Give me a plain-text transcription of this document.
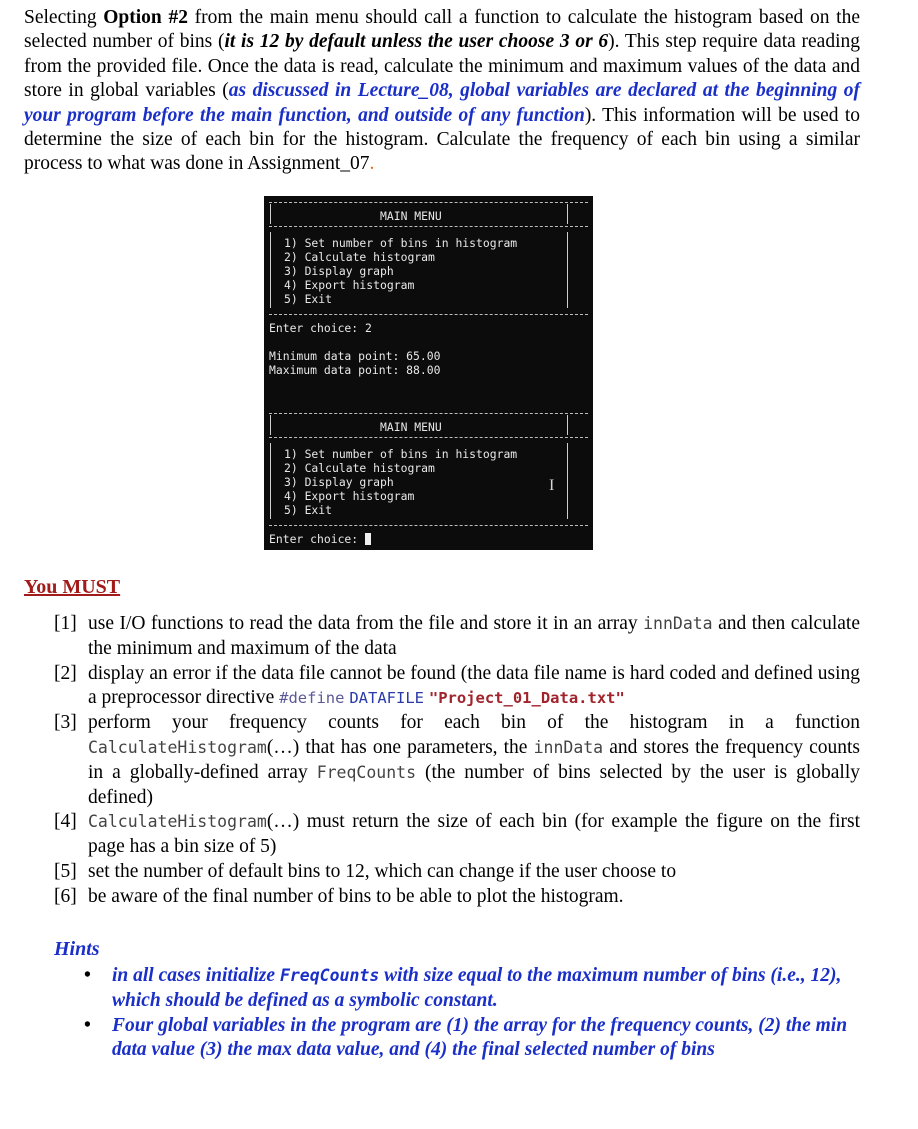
Selecting Option #2 from the main menu should call a function to calculate the histogram based on the selected number of bins (it is 12 by default unless the user choose 3 or 6). This step require data reading from the provided file. Once the data is read, calculate the minimum and maximum values of the data and store in global variables (as discussed in Lecture_08, global variables are declared at the beginning of your program before the main function, and outside of any function). This information will be used to determine the size of each bin for the histogram. Calculate the frequency of each bin using a similar process to what was done in Assignment_07.
MAIN MENU
1) Set number of bins in histogram
2) Calculate histogram
3) Display graph
4) Export histogram
5) Exit
Enter choice: 2
Minimum data point: 65.00
Maximum data point: 88.00
MAIN MENU
1) Set number of bins in histogram
2) Calculate histogram
3) Display graph
4) Export histogram
5) Exit
I
Enter choice:
You MUST
[1] use I/O functions to read the data from the file and store it in an array innData and then calculate the minimum and maximum of the data
[2] display an error if the data file cannot be found (the data file name is hard coded and defined using a preprocessor directive #define DATAFILE "Project_01_Data.txt"
[3] perform your frequency counts for each bin of the histogram in a function CalculateHistogram(…) that has one parameters, the innData and stores the frequency counts in a globally-defined array FreqCounts (the number of bins selected by the user is globally defined)
[4] CalculateHistogram(…) must return the size of each bin (for example the figure on the first page has a bin size of 5)
[5] set the number of default bins to 12, which can change if the user choose to
[6] be aware of the final number of bins to be able to plot the histogram.
Hints
•	in all cases initialize FreqCounts with size equal to the maximum number of bins (i.e., 12), which should be defined as a symbolic constant.
•	Four global variables in the program are (1) the array for the frequency counts, (2) the min data value (3) the max data value, and (4) the final selected number of bins
